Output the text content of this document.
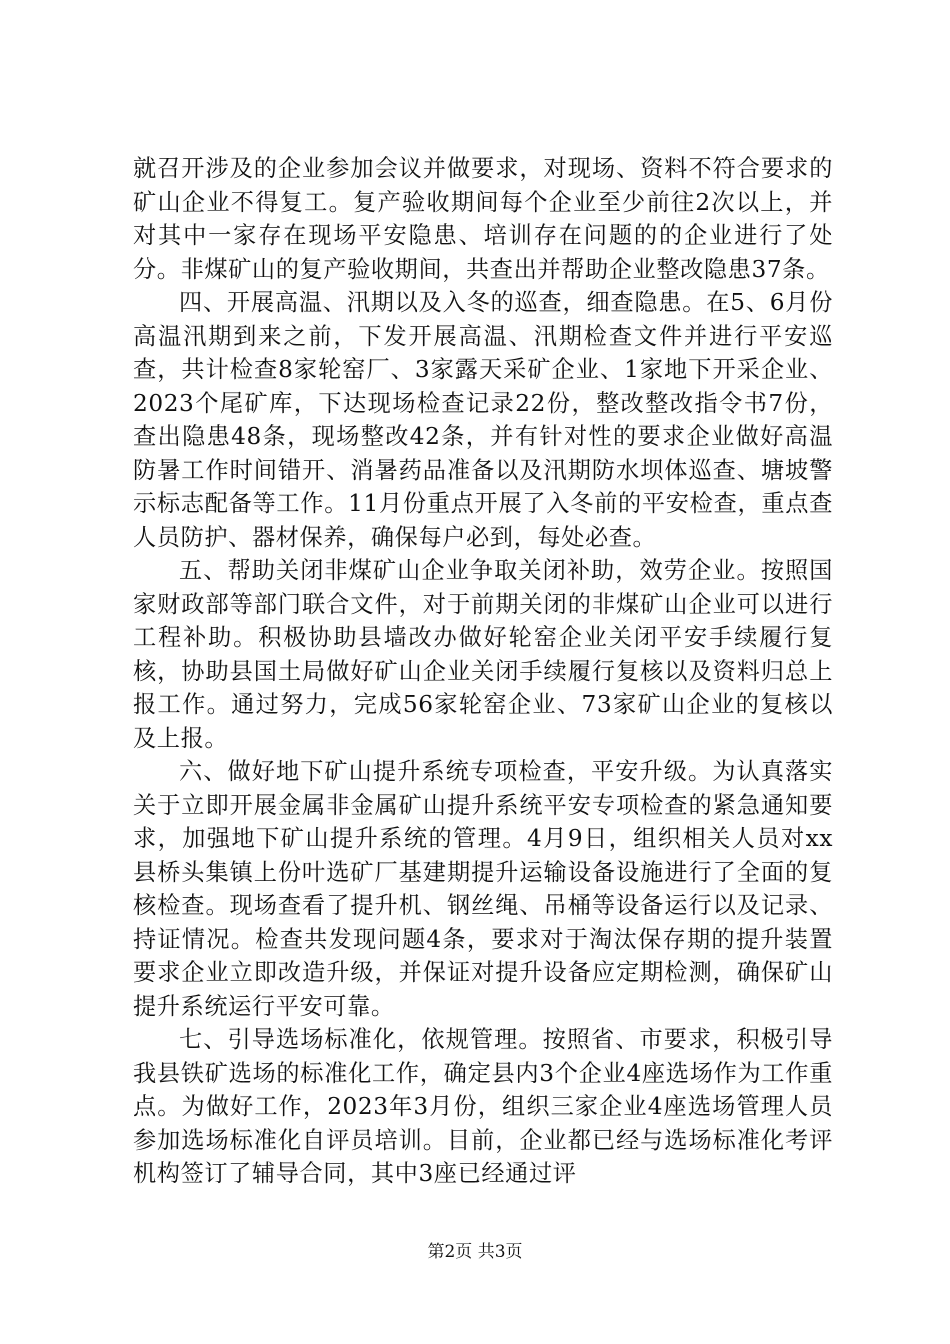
就召开涉及的企业参加会议并做要求，对现场、资料不符合要求的矿山企业不得复工。复产验收期间每个企业至少前往2次以上，并对其中一家存在现场平安隐患、培训存在问题的的企业进行了处分。非煤矿山的复产验收期间，共查出并帮助企业整改隐患37条。

四、开展高温、汛期以及入冬的巡查，细查隐患。在5、6月份高温汛期到来之前，下发开展高温、汛期检查文件并进行平安巡查，共计检查8家轮窑厂、3家露天采矿企业、1家地下开采企业、2023个尾矿库，下达现场检查记录22份，整改整改指令书7份，查出隐患48条，现场整改42条，并有针对性的要求企业做好高温防暑工作时间错开、消暑药品准备以及汛期防水坝体巡查、塘坡警示标志配备等工作。11月份重点开展了入冬前的平安检查，重点查人员防护、器材保养，确保每户必到，每处必查。

五、帮助关闭非煤矿山企业争取关闭补助，效劳企业。按照国家财政部等部门联合文件，对于前期关闭的非煤矿山企业可以进行工程补助。积极协助县墙改办做好轮窑企业关闭平安手续履行复核，协助县国土局做好矿山企业关闭手续履行复核以及资料归总上报工作。通过努力，完成56家轮窑企业、73家矿山企业的复核以及上报。

六、做好地下矿山提升系统专项检查，平安升级。为认真落实关于立即开展金属非金属矿山提升系统平安专项检查的紧急通知要求，加强地下矿山提升系统的管理。4月9日，组织相关人员对xx县桥头集镇上份叶选矿厂基建期提升运输设备设施进行了全面的复核检查。现场查看了提升机、钢丝绳、吊桶等设备运行以及记录、持证情况。检查共发现问题4条，要求对于淘汰保存期的提升装置要求企业立即改造升级，并保证对提升设备应定期检测，确保矿山提升系统运行平安可靠。

七、引导选场标准化，依规管理。按照省、市要求，积极引导我县铁矿选场的标准化工作，确定县内3个企业4座选场作为工作重点。为做好工作，2023年3月份，组织三家企业4座选场管理人员参加选场标准化自评员培训。目前，企业都已经与选场标准化考评机构签订了辅导合同，其中3座已经通过评

第2页 共3页
